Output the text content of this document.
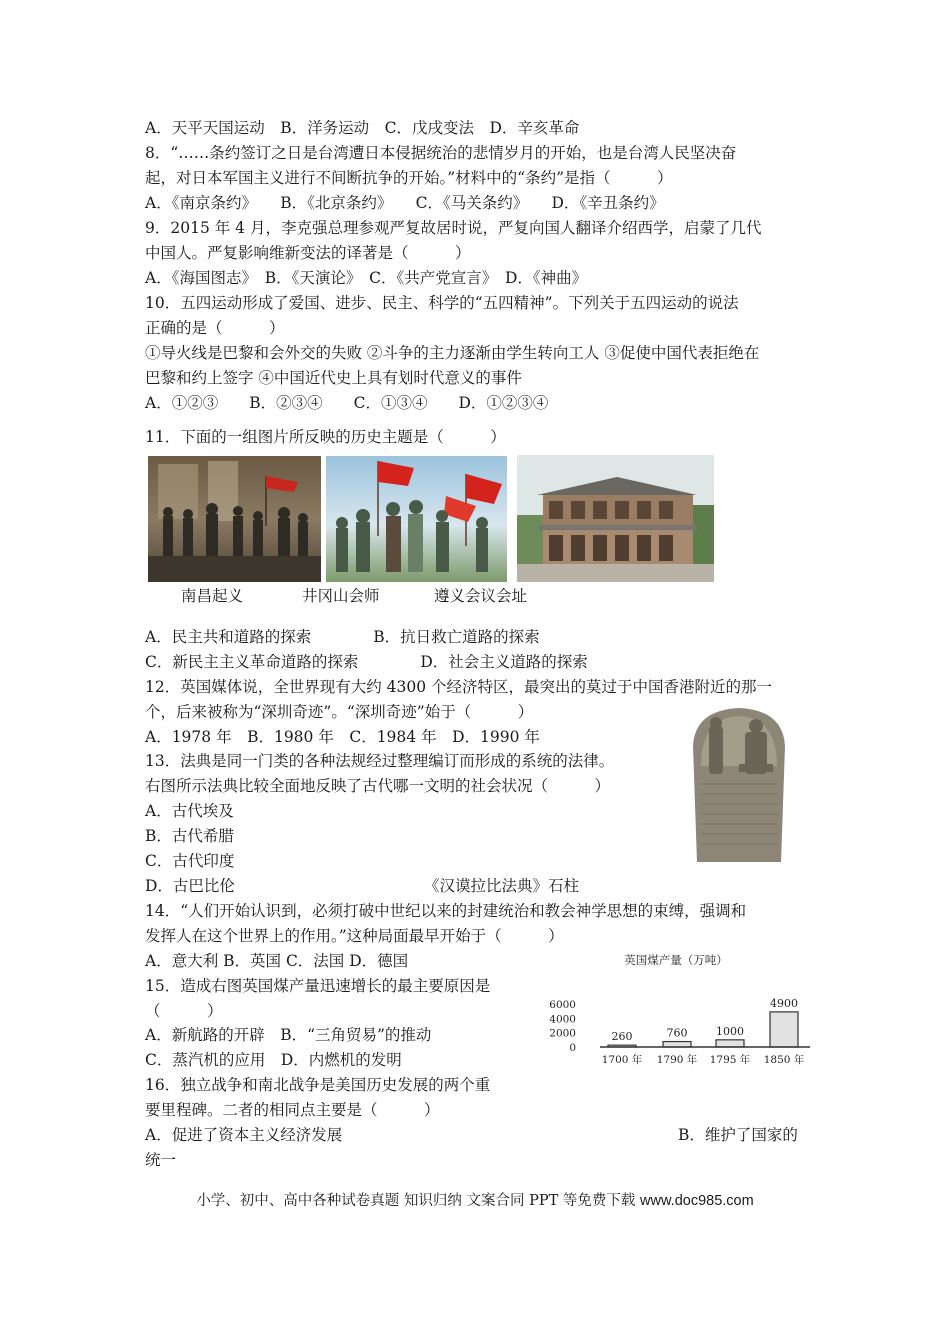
A．天平天国运动　B．洋务运动　C．戊戌变法　D．辛亥革命
8．“……条约签订之日是台湾遭日本侵据统治的悲情岁月的开始，也是台湾人民坚决奋
起，对日本军国主义进行不间断抗争的开始。”材料中的“条约”是指（　　　）
A．《南京条约》　　B．《北京条约》　　C．《马关条约》　　D．《辛丑条约》
9．2015 年 4 月，李克强总理参观严复故居时说，严复向国人翻译介绍西学，启蒙了几代
中国人。严复影响维新变法的译著是（　　　）
A．《海国图志》　B．《天演论》　C．《共产党宣言》　D．《神曲》
10．五四运动形成了爱国、进步、民主、科学的“五四精神”。下列关于五四运动的说法
正确的是（　　　）
①导火线是巴黎和会外交的失败 ②斗争的主力逐渐由学生转向工人 ③促使中国代表拒绝在
巴黎和约上签字 ④中国近代史上具有划时代意义的事件
A．①②③　　B．②③④　　C．①③④　　D．①②③④
11．下面的一组图片所反映的历史主题是（　　　）
南昌起义	井冈山会师	遵义会议会址
A．民主共和道路的探索　　　　B．抗日救亡道路的探索
C．新民主主义革命道路的探索　　　　D．社会主义道路的探索
12．英国媒体说，全世界现有大约 4300 个经济特区，最突出的莫过于中国香港附近的那一
个，后来被称为“深圳奇迹”。“深圳奇迹”始于（　　　）
A．1978 年　B．1980 年　C．1984 年　D．1990 年
13．法典是同一门类的各种法规经过整理编订而形成的系统的法律。
右图所示法典比较全面地反映了古代哪一文明的社会状况（　　　）
A．古代埃及
B．古代希腊
C．古代印度
D．古巴比伦	《汉谟拉比法典》石柱
14．“人们开始认识到，必须打破中世纪以来的封建统治和教会神学思想的束缚，强调和
发挥人在这个世界上的作用。”这种局面最早开始于（　　　）
A．意大利 B．英国 C．法国 D．德国
15．造成右图英国煤产量迅速增长的最主要原因是
（　　　）
A．新航路的开辟　B．“三角贸易”的推动
C．蒸汽机的应用　D．内燃机的发明
16．独立战争和南北战争是美国历史发展的两个重
要里程碑。二者的相同点主要是（　　　）
A．促进了资本主义经济发展	B．维护了国家的
统一
英国煤产量（万吨）
0
2000
4000
6000
260	760	1000
4900
1700 年 1790 年 1795 年 1850 年
小学、初中、高中各种试卷真题 知识归纳 文案合同 PPT 等免费下载 www.doc985.com
